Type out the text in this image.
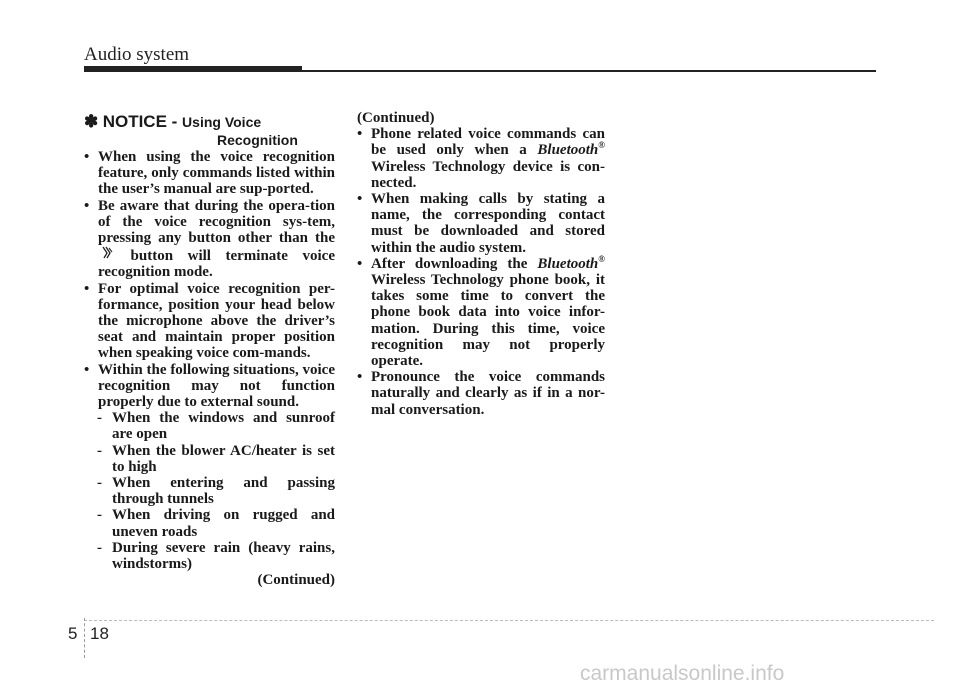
Audio system
✽ NOTICE - Using Voice
Recognition

• When using the voice recognition feature, only commands listed within the user’s manual are sup-ported.

• Be aware that during the opera-tion of the voice recognition sys-tem, pressing any button other than the  button will terminate voice recognition mode.

• For optimal voice recognition per-formance, position your head below the microphone above the driver’s seat and maintain proper position when speaking voice com-mands.

• Within the following situations, voice recognition may not function properly due to external sound.

- When the windows and sunroof are open

- When the blower AC/heater is set to high

- When entering and passing through tunnels

- When driving on rugged and uneven roads

- During severe rain (heavy rains, windstorms)

(Continued)

(Continued)

• Phone related voice commands can be used only when a Bluetooth® Wireless Technology device is con-nected.

• When making calls by stating a name, the corresponding contact must be downloaded and stored within the audio system.

• After downloading the Bluetooth® Wireless Technology phone book, it takes some time to convert the phone book data into voice infor-mation. During this time, voice recognition may not properly operate.

• Pronounce the voice commands naturally and clearly as if in a nor-mal conversation.

5 18
carmanualsonline.info
